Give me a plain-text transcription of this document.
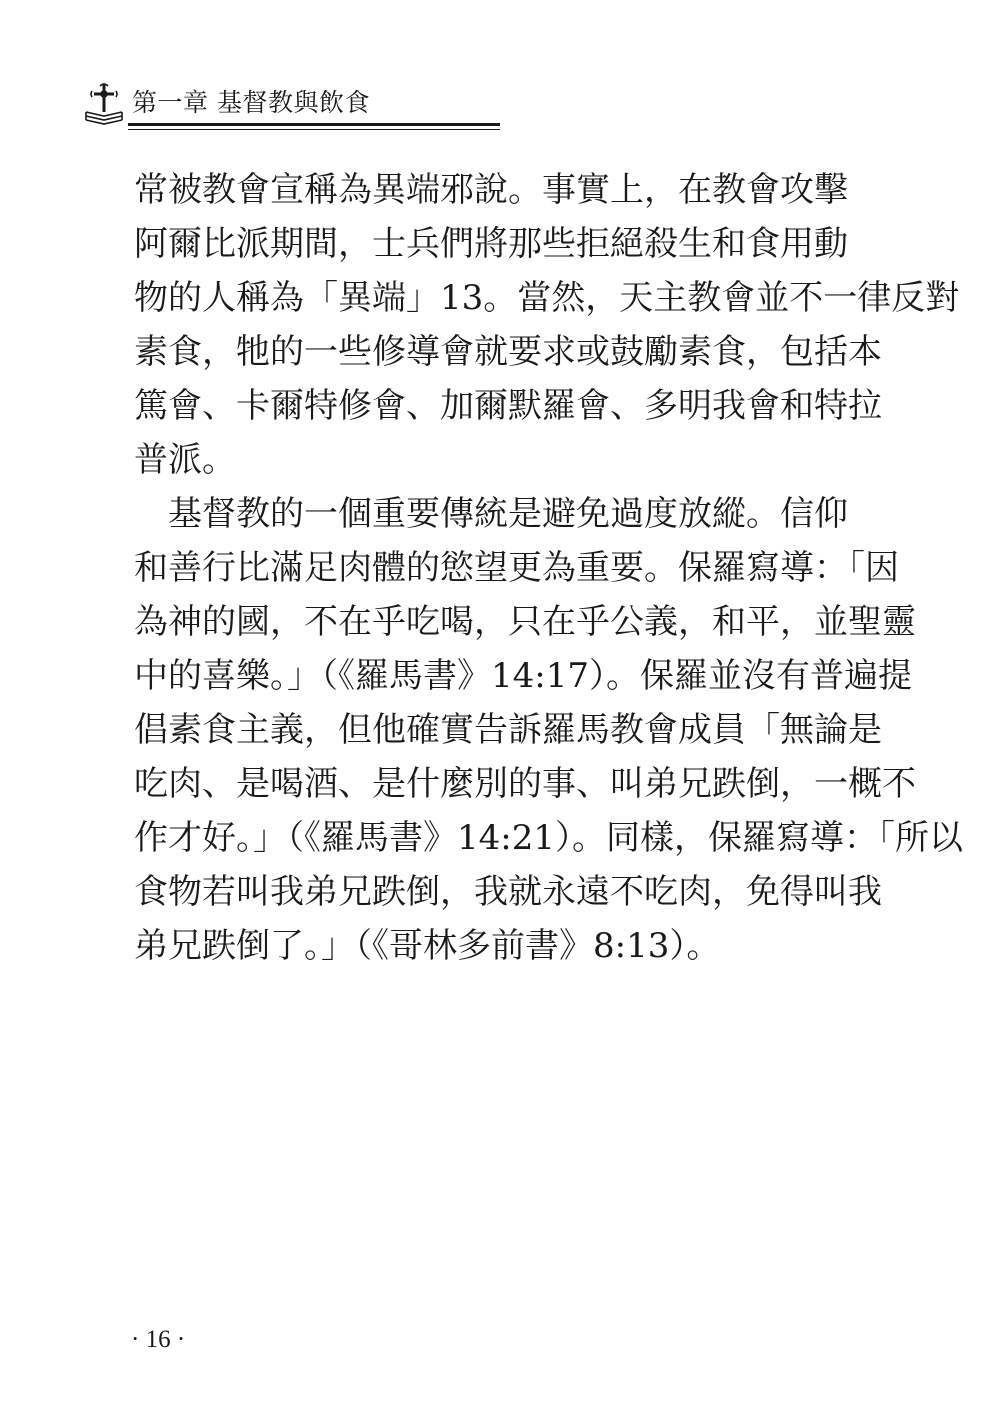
第一章 基督教與飲食
常被教會宣稱為異端邪說。事實上，在教會攻擊
阿爾比派期間，士兵們將那些拒絕殺生和食用動
物的人稱為「異端」13。當然，天主教會並不一律反對
素食，牠的一些修導會就要求或鼓勵素食，包括本
篤會、卡爾特修會、加爾默羅會、多明我會和特拉
普派。
　基督教的一個重要傳統是避免過度放縱。信仰
和善行比滿足肉體的慾望更為重要。保羅寫導：「因
為神的國，不在乎吃喝，只在乎公義，和平，並聖靈
中的喜樂。」（《羅馬書》14:17）。保羅並沒有普遍提
倡素食主義，但他確實告訴羅馬教會成員「無論是
吃肉、是喝酒、是什麼別的事、叫弟兄跌倒，一概不
作才好。」（《羅馬書》14:21）。同樣，保羅寫導：「所以
食物若叫我弟兄跌倒，我就永遠不吃肉，免得叫我
弟兄跌倒了。」（《哥林多前書》8:13）。
· 16 ·
